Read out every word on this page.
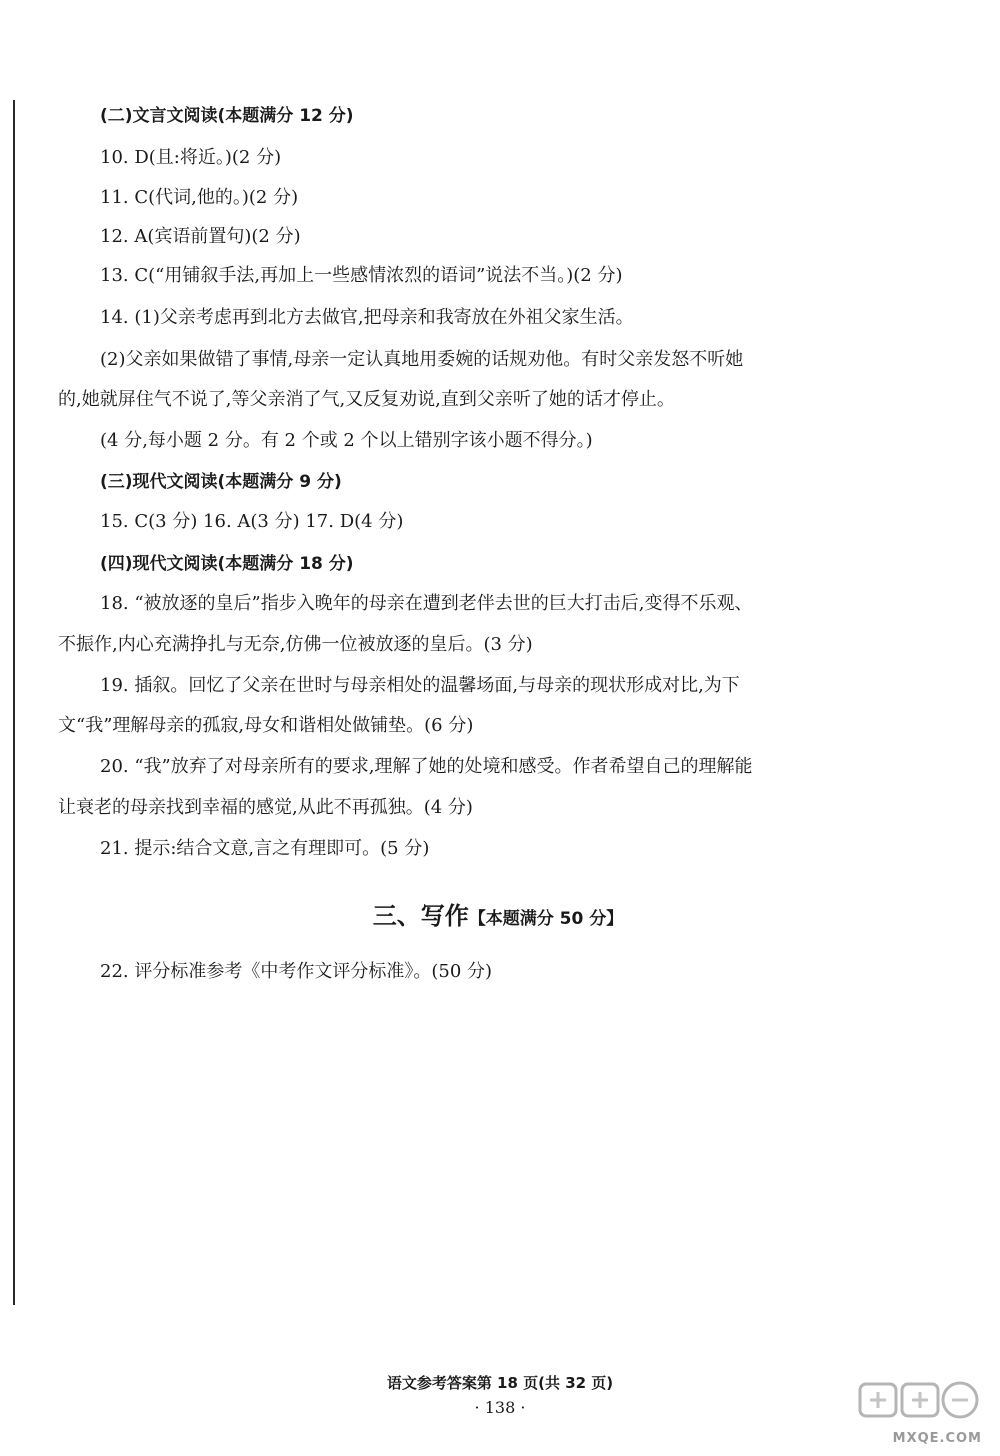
(二)文言文阅读(本题满分 12 分)
10. D(且:将近。)(2 分)
11. C(代词,他的。)(2 分)
12. A(宾语前置句)(2 分)
13. C(“用铺叙手法,再加上一些感情浓烈的语词”说法不当。)(2 分)
14. (1)父亲考虑再到北方去做官,把母亲和我寄放在外祖父家生活。
(2)父亲如果做错了事情,母亲一定认真地用委婉的话规劝他。有时父亲发怒不听她
的,她就屏住气不说了,等父亲消了气,又反复劝说,直到父亲听了她的话才停止。
(4 分,每小题 2 分。有 2 个或 2 个以上错别字该小题不得分。)
(三)现代文阅读(本题满分 9 分)
15. C(3 分) 16. A(3 分) 17. D(4 分)
(四)现代文阅读(本题满分 18 分)
18. “被放逐的皇后”指步入晚年的母亲在遭到老伴去世的巨大打击后,变得不乐观、
不振作,内心充满挣扎与无奈,仿佛一位被放逐的皇后。(3 分)
19. 插叙。回忆了父亲在世时与母亲相处的温馨场面,与母亲的现状形成对比,为下
文“我”理解母亲的孤寂,母女和谐相处做铺垫。(6 分)
20. “我”放弃了对母亲所有的要求,理解了她的处境和感受。作者希望自己的理解能
让衰老的母亲找到幸福的感觉,从此不再孤独。(4 分)
21. 提示:结合文意,言之有理即可。(5 分)
三、写作【本题满分 50 分】
22. 评分标准参考《中考作文评分标准》。(50 分)
语文参考答案第 18 页(共 32 页)
· 138 ·
MXQE.COM
